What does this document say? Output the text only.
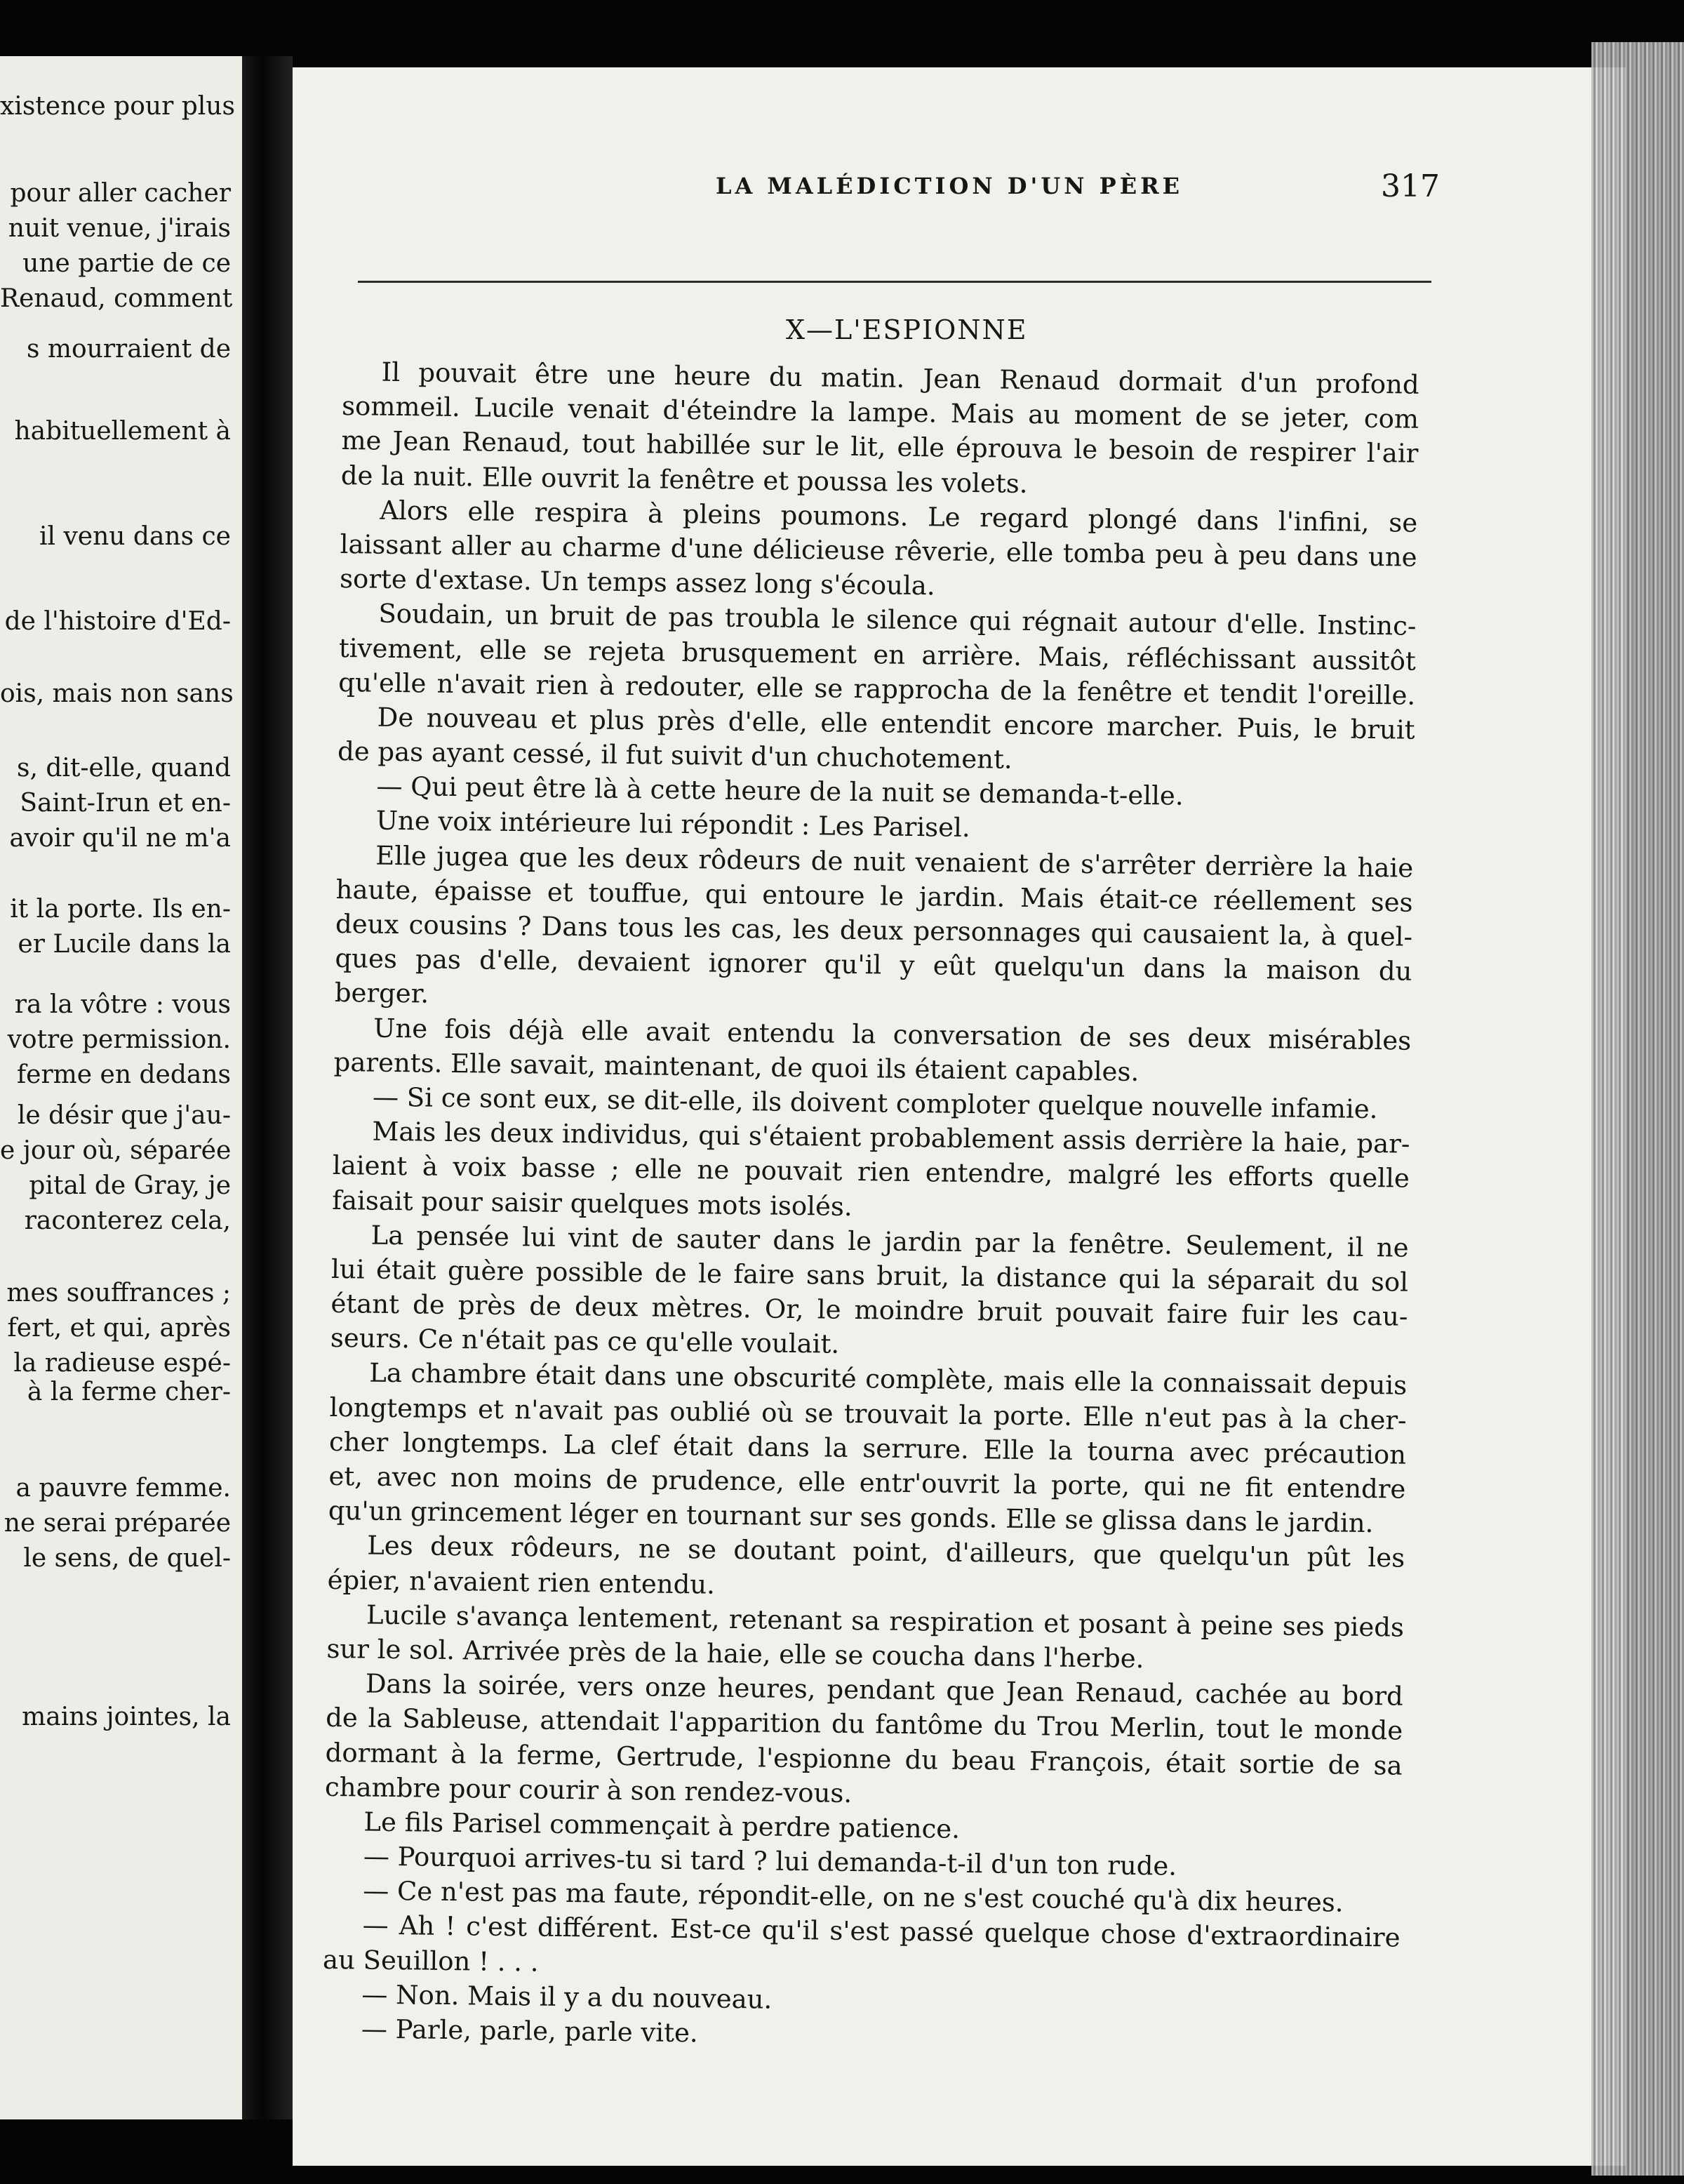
xistence pour plus
pour aller cacher
nuit venue, j'irais
une partie de ce
Renaud, comment
s mourraient de
habituellement à
il venu dans ce
de l'histoire d'Ed-
ois, mais non sans
s, dit-elle, quand
Saint-Irun et en-
avoir qu'il ne m'a
it la porte. Ils en-
er Lucile dans la
ra la vôtre : vous
votre permission.
ferme en dedans
le désir que j'au-
e jour où, séparée
pital de Gray, je
raconterez cela,
mes souffrances ;
fert, et qui, après
la radieuse espé-
à la ferme cher-
a pauvre femme.
ne serai préparée
le sens, de quel-
mains jointes, la
LA MALÉDICTION D'UN PÈRE	317
X—L'ESPIONNE
Il pouvait être une heure du matin. Jean Renaud dormait d'un profond
sommeil. Lucile venait d'éteindre la lampe. Mais au moment de se jeter, com
me Jean Renaud, tout habillée sur le lit, elle éprouva le besoin de respirer l'air
de la nuit. Elle ouvrit la fenêtre et poussa les volets.
Alors elle respira à pleins poumons. Le regard plongé dans l'infini, se
laissant aller au charme d'une délicieuse rêverie, elle tomba peu à peu dans une
sorte d'extase. Un temps assez long s'écoula.
Soudain, un bruit de pas troubla le silence qui régnait autour d'elle. Instinc-
tivement, elle se rejeta brusquement en arrière. Mais, réfléchissant aussitôt
qu'elle n'avait rien à redouter, elle se rapprocha de la fenêtre et tendit l'oreille.
De nouveau et plus près d'elle, elle entendit encore marcher. Puis, le bruit
de pas ayant cessé, il fut suivit d'un chuchotement.
— Qui peut être là à cette heure de la nuit se demanda-t-elle.
Une voix intérieure lui répondit : Les Parisel.
Elle jugea que les deux rôdeurs de nuit venaient de s'arrêter derrière la haie
haute, épaisse et touffue, qui entoure le jardin. Mais était-ce réellement ses
deux cousins ? Dans tous les cas, les deux personnages qui causaient la, à quel-
ques pas d'elle, devaient ignorer qu'il y eût quelqu'un dans la maison du
berger.
Une fois déjà elle avait entendu la conversation de ses deux misérables
parents. Elle savait, maintenant, de quoi ils étaient capables.
— Si ce sont eux, se dit-elle, ils doivent comploter quelque nouvelle infamie.
Mais les deux individus, qui s'étaient probablement assis derrière la haie, par-
laient à voix basse ; elle ne pouvait rien entendre, malgré les efforts quelle
faisait pour saisir quelques mots isolés.
La pensée lui vint de sauter dans le jardin par la fenêtre. Seulement, il ne
lui était guère possible de le faire sans bruit, la distance qui la séparait du sol
étant de près de deux mètres. Or, le moindre bruit pouvait faire fuir les cau-
seurs. Ce n'était pas ce qu'elle voulait.
La chambre était dans une obscurité complète, mais elle la connaissait depuis
longtemps et n'avait pas oublié où se trouvait la porte. Elle n'eut pas à la cher-
cher longtemps. La clef était dans la serrure. Elle la tourna avec précaution
et, avec non moins de prudence, elle entr'ouvrit la porte, qui ne fit entendre
qu'un grincement léger en tournant sur ses gonds. Elle se glissa dans le jardin.
Les deux rôdeurs, ne se doutant point, d'ailleurs, que quelqu'un pût les
épier, n'avaient rien entendu.
Lucile s'avança lentement, retenant sa respiration et posant à peine ses pieds
sur le sol. Arrivée près de la haie, elle se coucha dans l'herbe.
Dans la soirée, vers onze heures, pendant que Jean Renaud, cachée au bord
de la Sableuse, attendait l'apparition du fantôme du Trou Merlin, tout le monde
dormant à la ferme, Gertrude, l'espionne du beau François, était sortie de sa
chambre pour courir à son rendez-vous.
Le fils Parisel commençait à perdre patience.
— Pourquoi arrives-tu si tard ? lui demanda-t-il d'un ton rude.
— Ce n'est pas ma faute, répondit-elle, on ne s'est couché qu'à dix heures.
— Ah ! c'est différent. Est-ce qu'il s'est passé quelque chose d'extraordinaire
au Seuillon ! . . .
— Non. Mais il y a du nouveau.
— Parle, parle, parle vite.
